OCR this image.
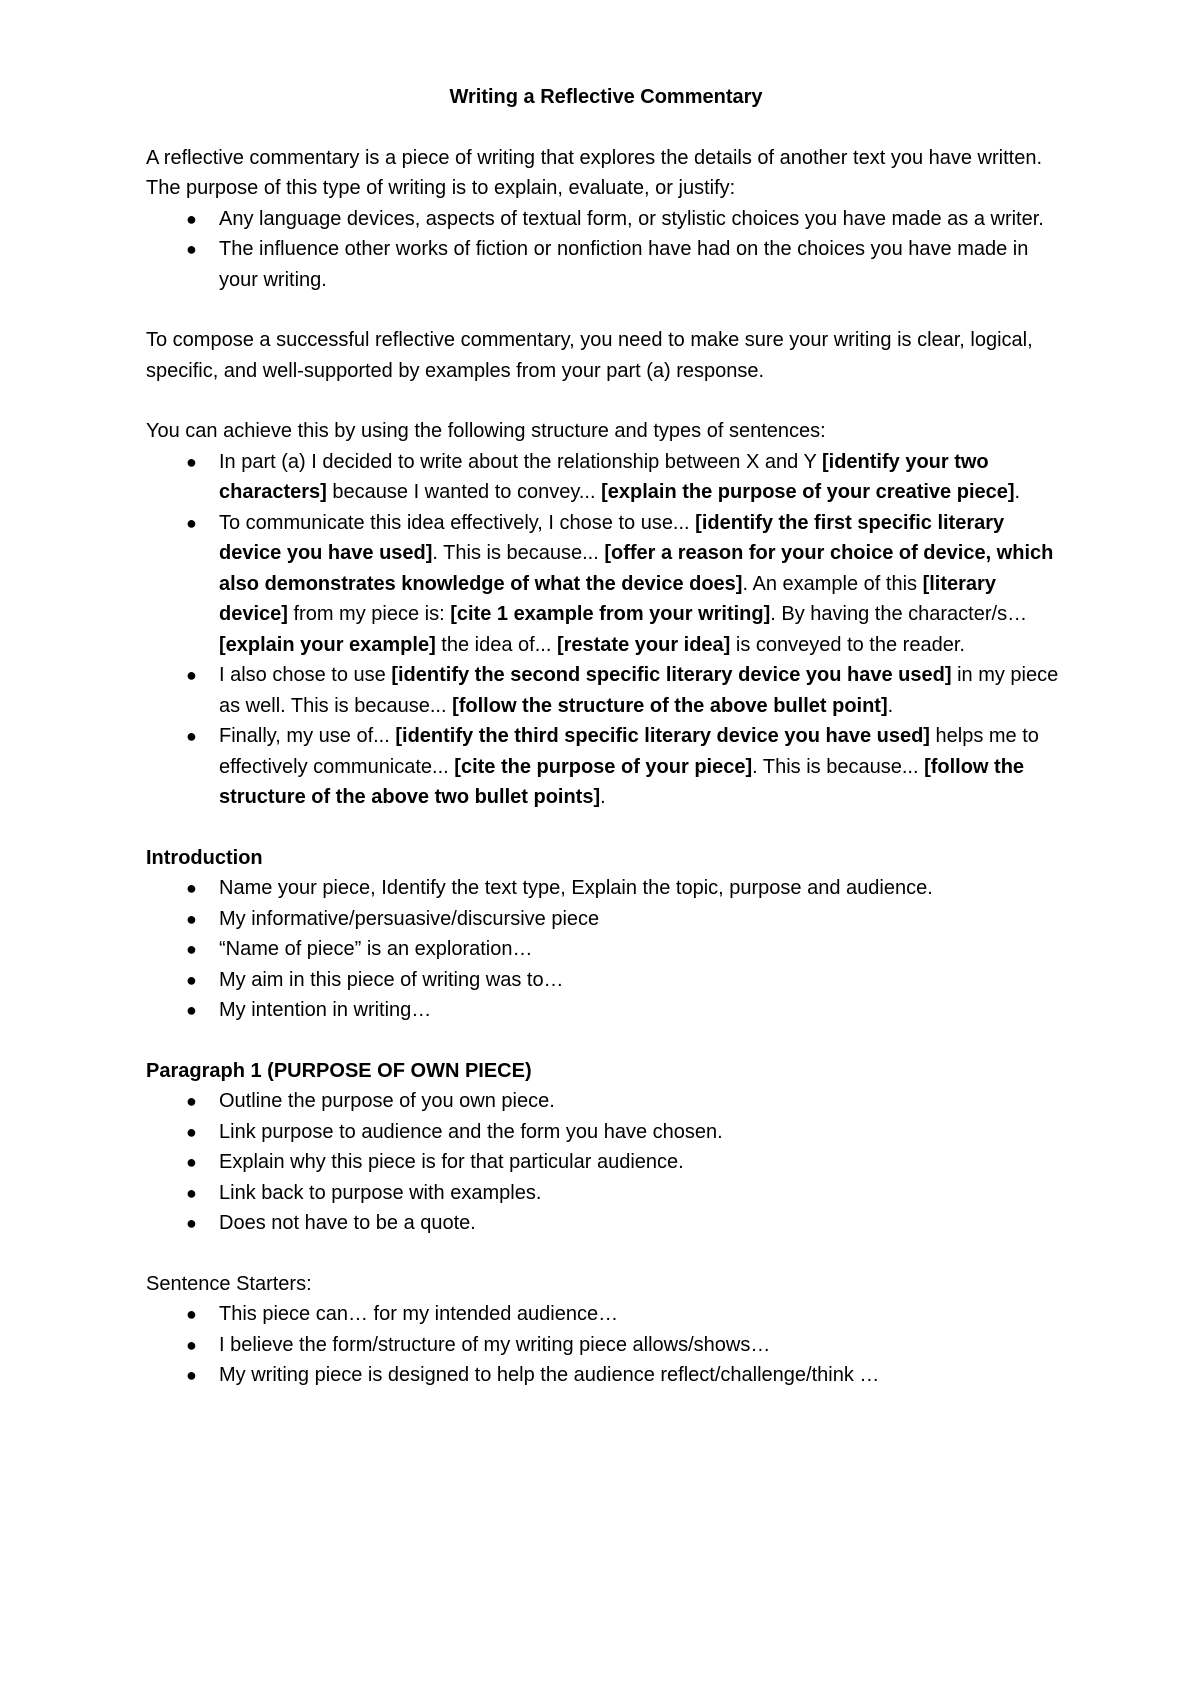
Writing a Reflective Commentary

A reflective commentary is a piece of writing that explores the details of another text you have written. The purpose of this type of writing is to explain, evaluate, or justify:

● Any language devices, aspects of textual form, or stylistic choices you have made as a writer.
● The influence other works of fiction or nonfiction have had on the choices you have made in your writing.

To compose a successful reflective commentary, you need to make sure your writing is clear, logical, specific, and well-supported by examples from your part (a) response.

You can achieve this by using the following structure and types of sentences:

● In part (a) I decided to write about the relationship between X and Y [identify your two characters] because I wanted to convey... [explain the purpose of your creative piece].
● To communicate this idea effectively, I chose to use... [identify the first specific literary device you have used]. This is because... [offer a reason for your choice of device, which also demonstrates knowledge of what the device does]. An example of this [literary device] from my piece is: [cite 1 example from your writing]. By having the character/s… [explain your example] the idea of... [restate your idea] is conveyed to the reader.
● I also chose to use [identify the second specific literary device you have used] in my piece as well. This is because... [follow the structure of the above bullet point].
● Finally, my use of... [identify the third specific literary device you have used] helps me to effectively communicate... [cite the purpose of your piece]. This is because... [follow the structure of the above two bullet points].

Introduction

● Name your piece, Identify the text type, Explain the topic, purpose and audience.
● My informative/persuasive/discursive piece
● “Name of piece” is an exploration…
● My aim in this piece of writing was to…
● My intention in writing…

Paragraph 1 (PURPOSE OF OWN PIECE)

● Outline the purpose of you own piece.
● Link purpose to audience and the form you have chosen.
● Explain why this piece is for that particular audience.
● Link back to purpose with examples.
● Does not have to be a quote.

Sentence Starters:

● This piece can… for my intended audience…
● I believe the form/structure of my writing piece allows/shows…
● My writing piece is designed to help the audience reflect/challenge/think …
